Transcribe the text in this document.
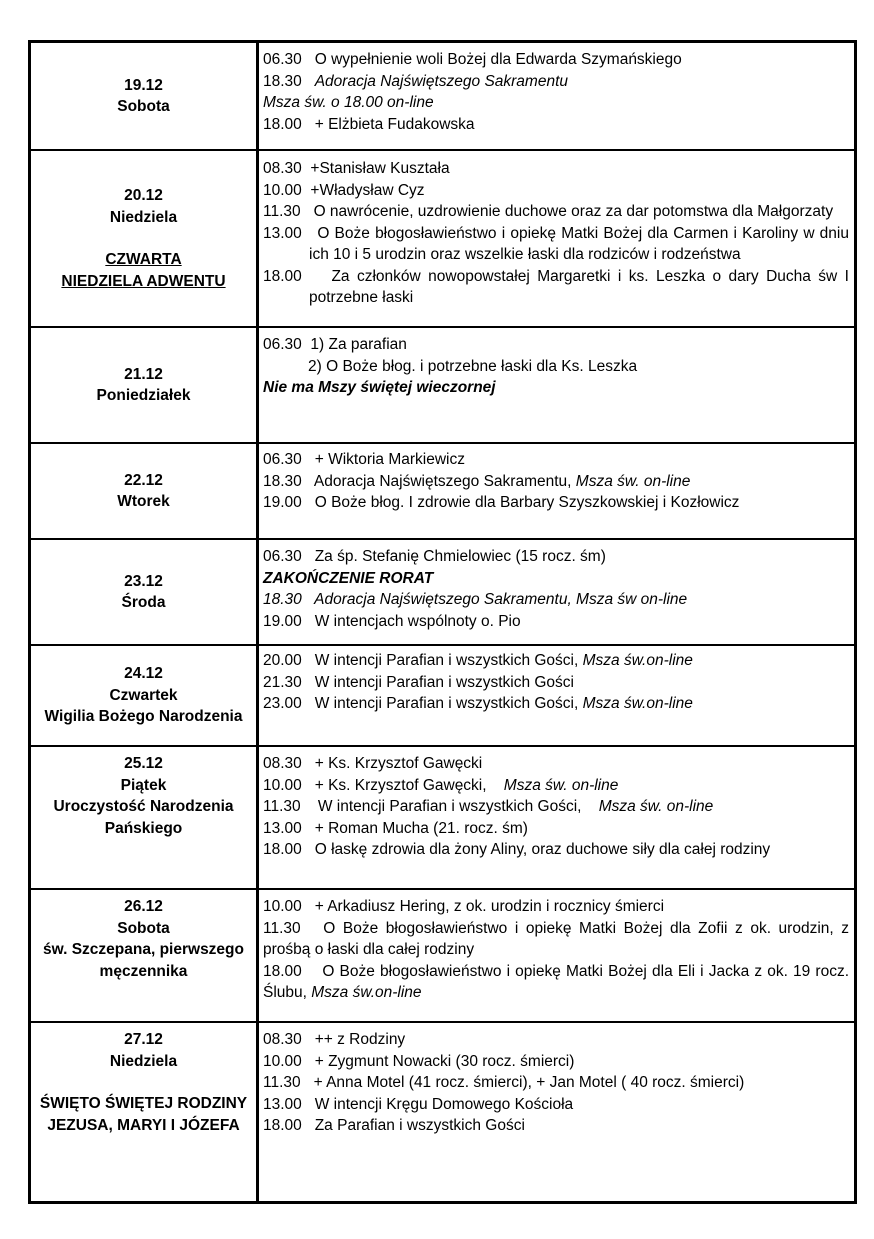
19.12
Sobota
06.30 O wypełnienie woli Bożej dla Edwarda Szymańskiego
18.30 Adoracja Najświętszego Sakramentu
Msza św. o 18.00 on-line
18.00 + Elżbieta Fudakowska
20.12
Niedziela
CZWARTA
NIEDZIELA ADWENTU
08.30 +Stanisław Kuształa
10.00 +Władysław Cyz
11.30 O nawrócenie, uzdrowienie duchowe oraz za dar potomstwa dla Małgorzaty
13.00 O Boże błogosławieństwo i opiekę Matki Bożej dla Carmen i Karoliny w dniu ich 10 i 5 urodzin oraz wszelkie łaski dla rodziców i rodzeństwa
18.00 Za członków nowopowstałej Margaretki i ks. Leszka o dary Ducha św I potrzebne łaski
21.12
Poniedziałek
06.30 1) Za parafian
2) O Boże błog. i potrzebne łaski dla Ks. Leszka
Nie ma Mszy świętej wieczornej
22.12
Wtorek
06.30 + Wiktoria Markiewicz
18.30 Adoracja Najświętszego Sakramentu, Msza św. on-line
19.00 O Boże błog. I zdrowie dla Barbary Szyszkowskiej i Kozłowicz
23.12
Środa
06.30 Za śp. Stefanię Chmielowiec (15 rocz. śm)
ZAKOŃCZENIE RORAT
18.30 Adoracja Najświętszego Sakramentu, Msza św on-line
19.00 W intencjach wspólnoty o. Pio
24.12
Czwartek
Wigilia Bożego Narodzenia
20.00 W intencji Parafian i wszystkich Gości, Msza św.on-line
21.30 W intencji Parafian i wszystkich Gości
23.00 W intencji Parafian i wszystkich Gości, Msza św.on-line
25.12
Piątek
Uroczystość Narodzenia
Pańskiego
08.30 + Ks. Krzysztof Gawęcki
10.00 + Ks. Krzysztof Gawęcki, Msza św. on-line
11.30 W intencji Parafian i wszystkich Gości, Msza św. on-line
13.00 + Roman Mucha (21. rocz. śm)
18.00 O łaskę zdrowia dla żony Aliny, oraz duchowe siły dla całej rodziny
26.12
Sobota
św. Szczepana, pierwszego
męczennika
10.00 + Arkadiusz Hering, z ok. urodzin i rocznicy śmierci
11.30 O Boże błogosławieństwo i opiekę Matki Bożej dla Zofii z ok. urodzin, z prośbą o łaski dla całej rodziny
18.00 O Boże błogosławieństwo i opiekę Matki Bożej dla Eli i Jacka z ok. 19 rocz. Ślubu, Msza św.on-line
27.12
Niedziela
ŚWIĘTO ŚWIĘTEJ RODZINY
JEZUSA, MARYI I JÓZEFA
08.30 ++ z Rodziny
10.00 + Zygmunt Nowacki (30 rocz. śmierci)
11.30 + Anna Motel (41 rocz. śmierci), + Jan Motel ( 40 rocz. śmierci)
13.00 W intencji Kręgu Domowego Kościoła
18.00 Za Parafian i wszystkich Gości
